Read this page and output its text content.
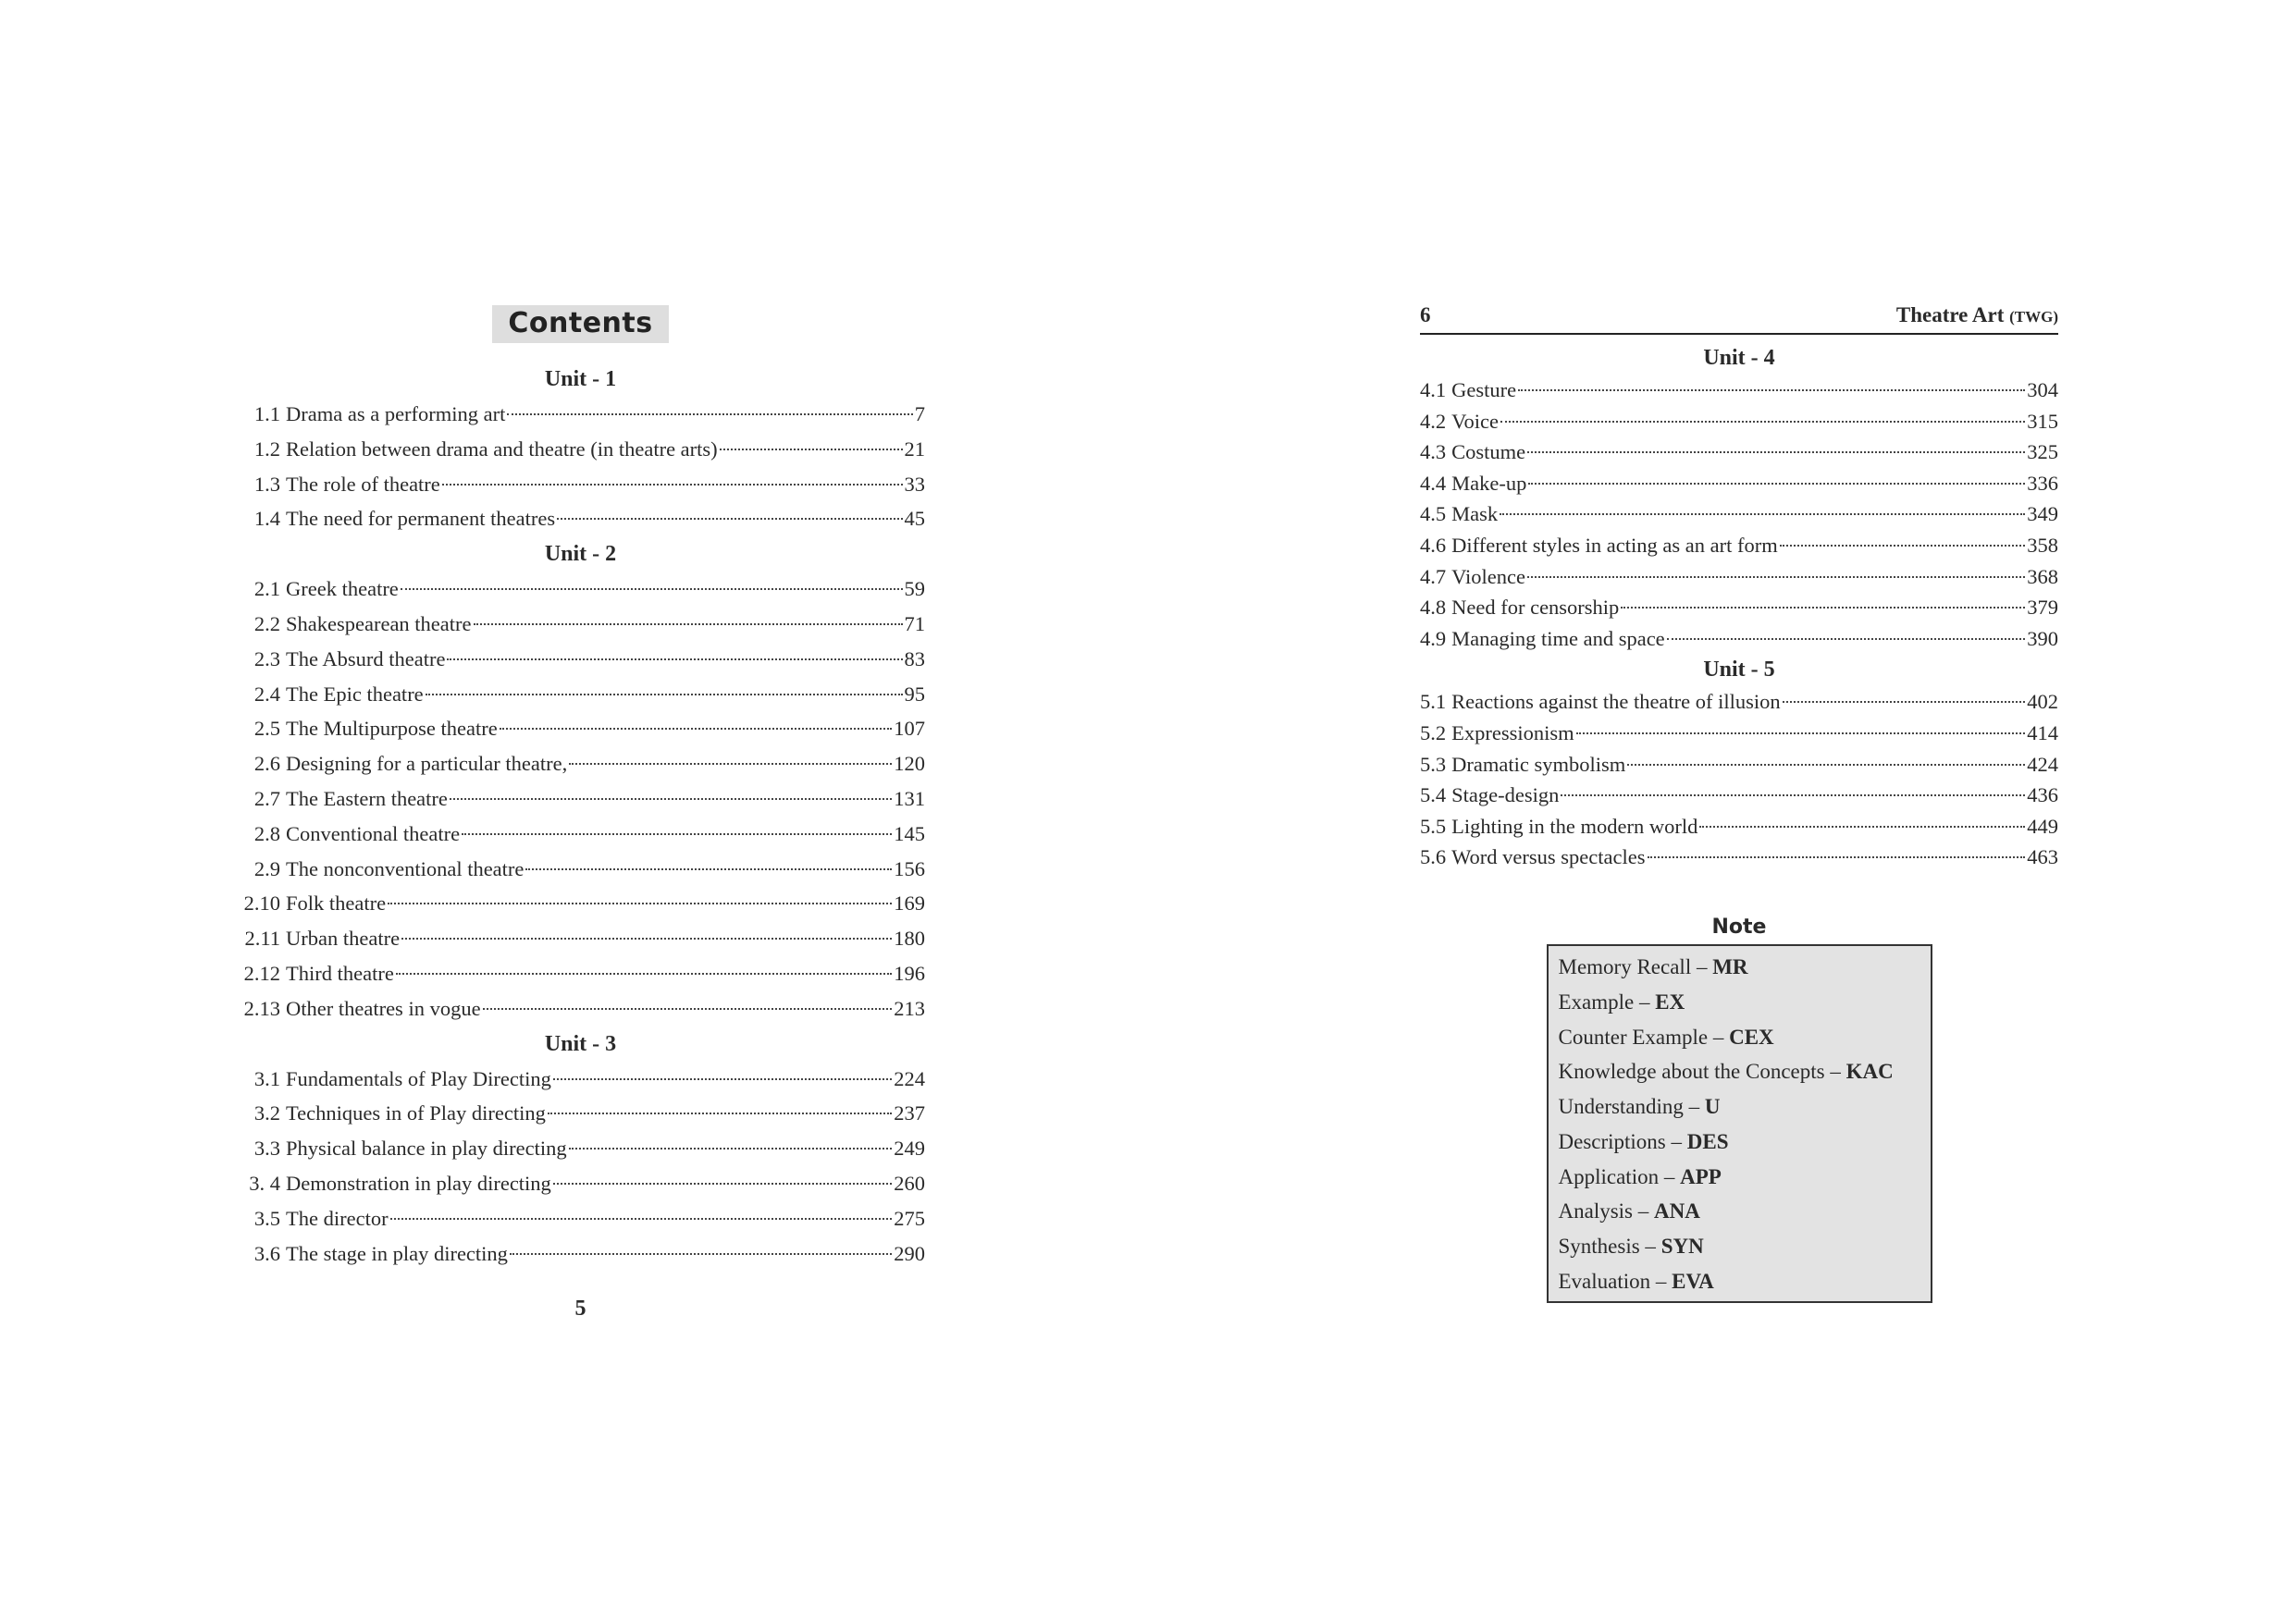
Contents
Unit - 1
1.1 Drama as a performing art	7
1.2 Relation between drama and theatre (in theatre arts)	21
1.3 The role of theatre	33
1.4 The need for permanent theatres	45
Unit - 2
2.1 Greek theatre	59
2.2 Shakespearean theatre	71
2.3 The Absurd theatre	83
2.4 The Epic theatre	95
2.5 The Multipurpose theatre	107
2.6 Designing for a particular theatre,	120
2.7 The Eastern theatre	131
2.8 Conventional theatre	145
2.9 The nonconventional theatre	156
2.10 Folk theatre	169
2.11 Urban theatre	180
2.12 Third theatre	196
2.13 Other theatres in vogue	213
Unit - 3
3.1 Fundamentals of Play Directing	224
3.2 Techniques in of Play directing	237
3.3 Physical balance in play directing	249
3. 4 Demonstration in play directing	260
3.5 The director	275
3.6 The stage in play directing	290
5
6	Theatre Art (TWG)
Unit - 4
4.1 Gesture	304
4.2 Voice	315
4.3 Costume	325
4.4 Make-up	336
4.5 Mask	349
4.6 Different styles in acting as an art form	358
4.7 Violence	368
4.8 Need for censorship	379
4.9 Managing time and space	390
Unit - 5
5.1 Reactions against the theatre of illusion	402
5.2 Expressionism	414
5.3 Dramatic symbolism	424
5.4 Stage-design	436
5.5 Lighting in the modern world	449
5.6 Word versus spectacles	463
Note
Memory Recall – MR
Example – EX
Counter Example – CEX
Knowledge about the Concepts – KAC
Understanding – U
Descriptions – DES
Application – APP
Analysis – ANA
Synthesis – SYN
Evaluation – EVA
